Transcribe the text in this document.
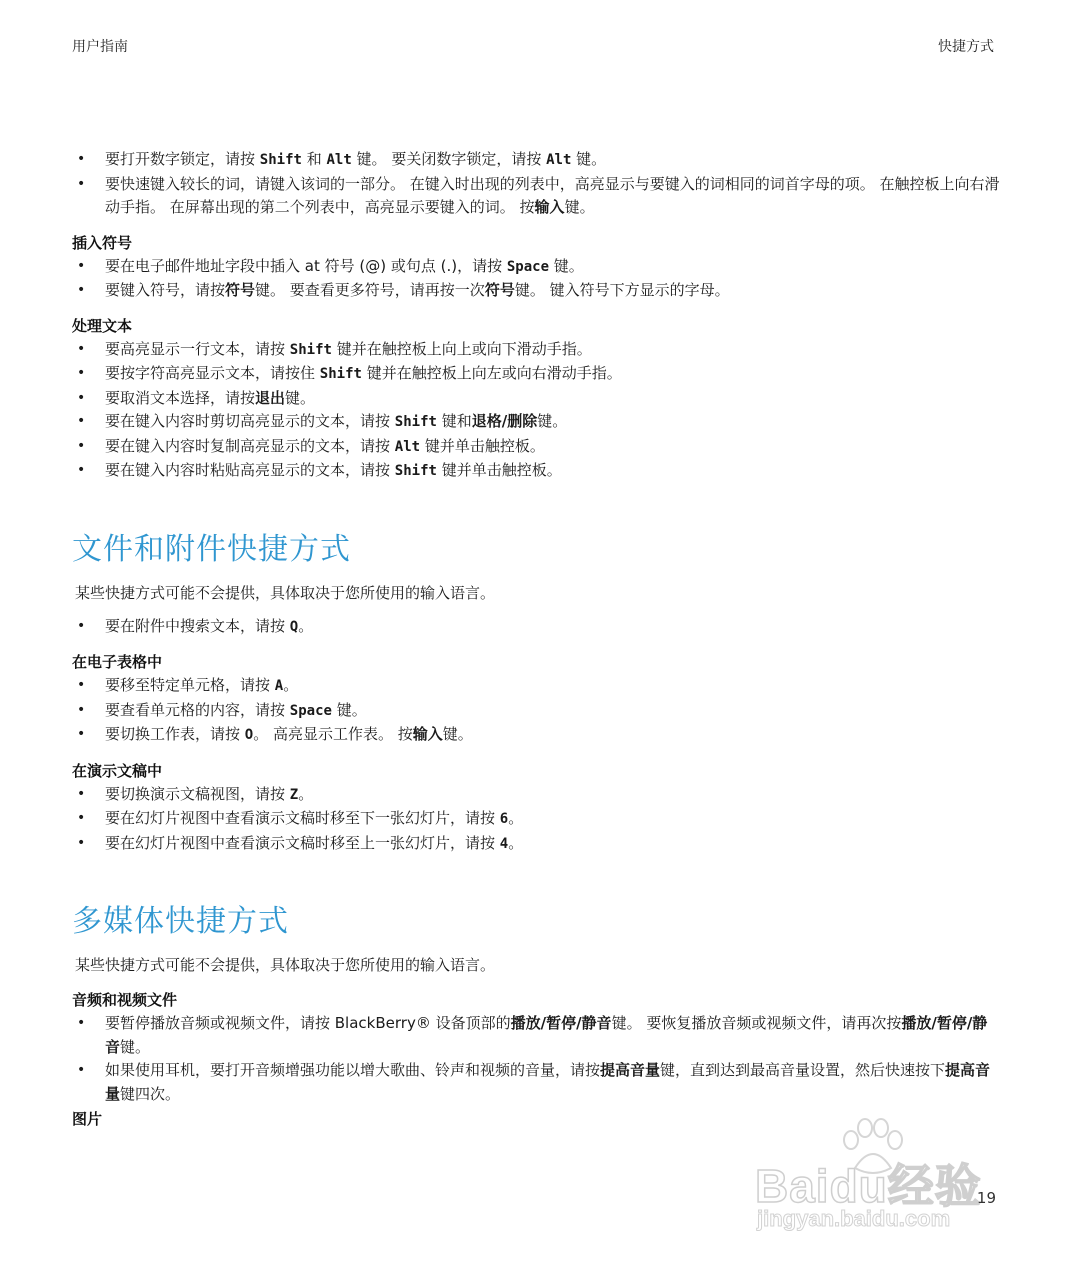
用户指南	快捷方式
• 要打开数字锁定，请按 Shift 和 Alt 键。 要关闭数字锁定，请按 Alt 键。
• 要快速键入较长的词，请键入该词的一部分。 在键入时出现的列表中，高亮显示与要键入的词相同的词首字母的项。 在触控板上向右滑动手指。 在屏幕出现的第二个列表中，高亮显示要键入的词。 按输入键。
插入符号
• 要在电子邮件地址字段中插入 at 符号 (@) 或句点 (.)，请按 Space 键。
• 要键入符号，请按符号键。 要查看更多符号，请再按一次符号键。 键入符号下方显示的字母。
处理文本
• 要高亮显示一行文本，请按 Shift 键并在触控板上向上或向下滑动手指。
• 要按字符高亮显示文本，请按住 Shift 键并在触控板上向左或向右滑动手指。
• 要取消文本选择，请按退出键。
• 要在键入内容时剪切高亮显示的文本，请按 Shift 键和退格/删除键。
• 要在键入内容时复制高亮显示的文本，请按 Alt 键并单击触控板。
• 要在键入内容时粘贴高亮显示的文本，请按 Shift 键并单击触控板。
文件和附件快捷方式
某些快捷方式可能不会提供，具体取决于您所使用的输入语言。
• 要在附件中搜索文本，请按 Q。
在电子表格中
• 要移至特定单元格，请按 A。
• 要查看单元格的内容，请按 Space 键。
• 要切换工作表，请按 O。 高亮显示工作表。 按输入键。
在演示文稿中
• 要切换演示文稿视图，请按 Z。
• 要在幻灯片视图中查看演示文稿时移至下一张幻灯片，请按 6。
• 要在幻灯片视图中查看演示文稿时移至上一张幻灯片，请按 4。
多媒体快捷方式
某些快捷方式可能不会提供，具体取决于您所使用的输入语言。
音频和视频文件
• 要暂停播放音频或视频文件，请按 BlackBerry® 设备顶部的播放/暂停/静音键。 要恢复播放音频或视频文件，请再次按播放/暂停/静音键。
• 如果使用耳机，要打开音频增强功能以增大歌曲、铃声和视频的音量，请按提高音量键，直到达到最高音量设置，然后快速按下提高音量键四次。
图片
Baidu经验
jingyan.baidu.com
19
